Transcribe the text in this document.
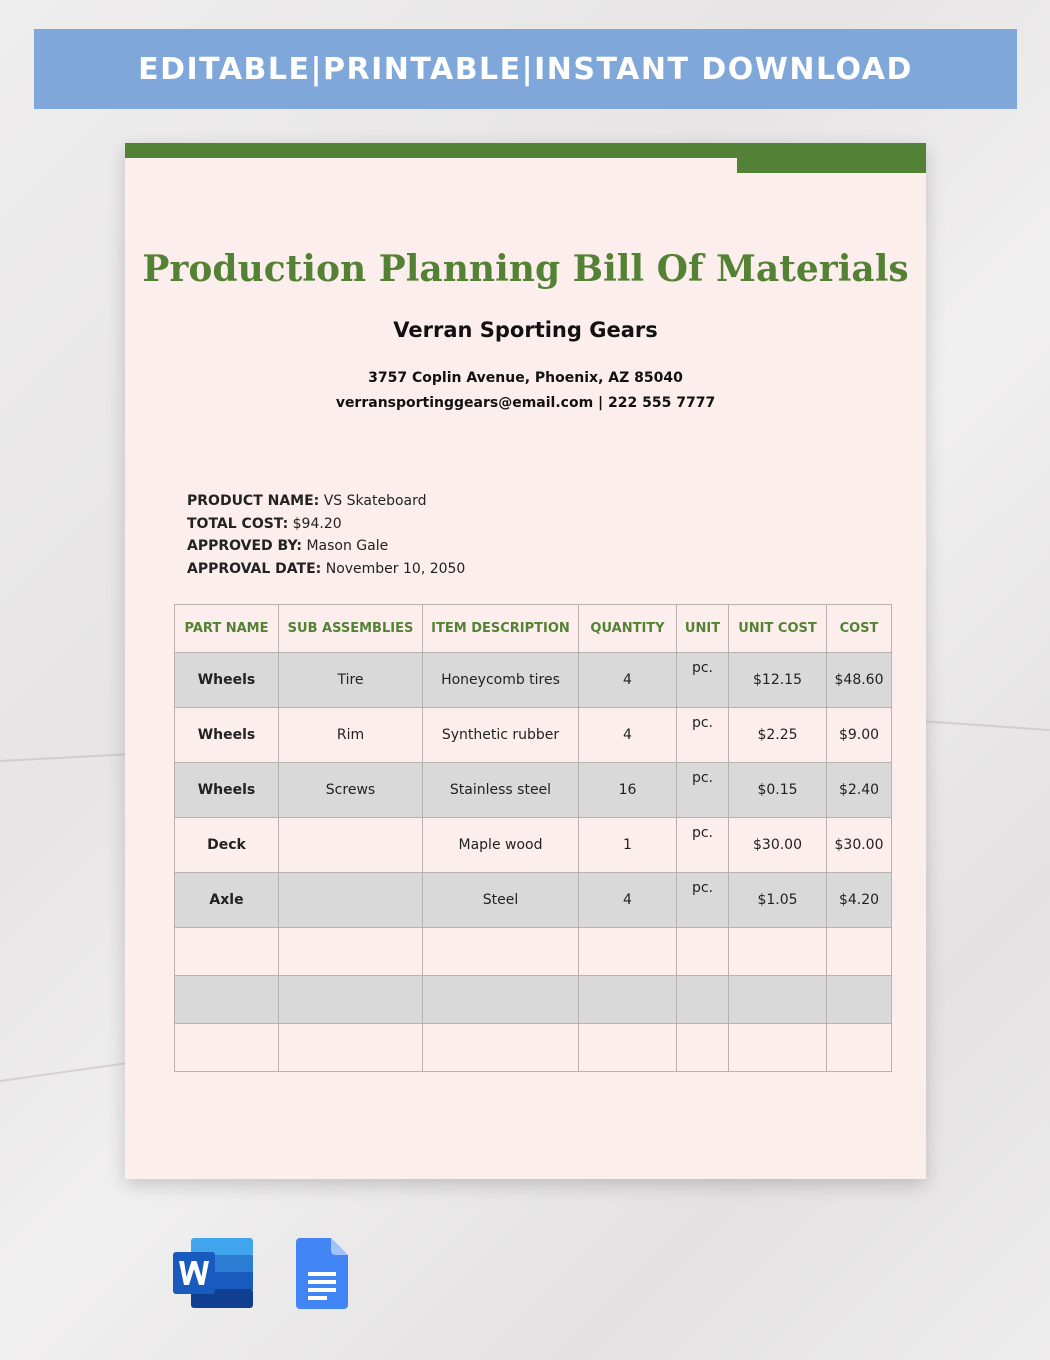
EDITABLE | PRINTABLE | INSTANT DOWNLOAD
Production Planning Bill Of Materials
Verran Sporting Gears
3757 Coplin Avenue, Phoenix, AZ 85040
verransportinggears@email.com | 222 555 7777
PRODUCT NAME: VS Skateboard
TOTAL COST: $94.20
APPROVED BY: Mason Gale
APPROVAL DATE: November 10, 2050
PART NAME	SUB ASSEMBLIES	ITEM DESCRIPTION	QUANTITY	UNIT	UNIT COST	COST
Wheels	Tire	Honeycomb tires	4	pc.	$12.15	$48.60
Wheels	Rim	Synthetic rubber	4	pc.	$2.25	$9.00
Wheels	Screws	Stainless steel	16	pc.	$0.15	$2.40
Deck		Maple wood	1	pc.	$30.00	$30.00
Axle		Steel	4	pc.	$1.05	$4.20
